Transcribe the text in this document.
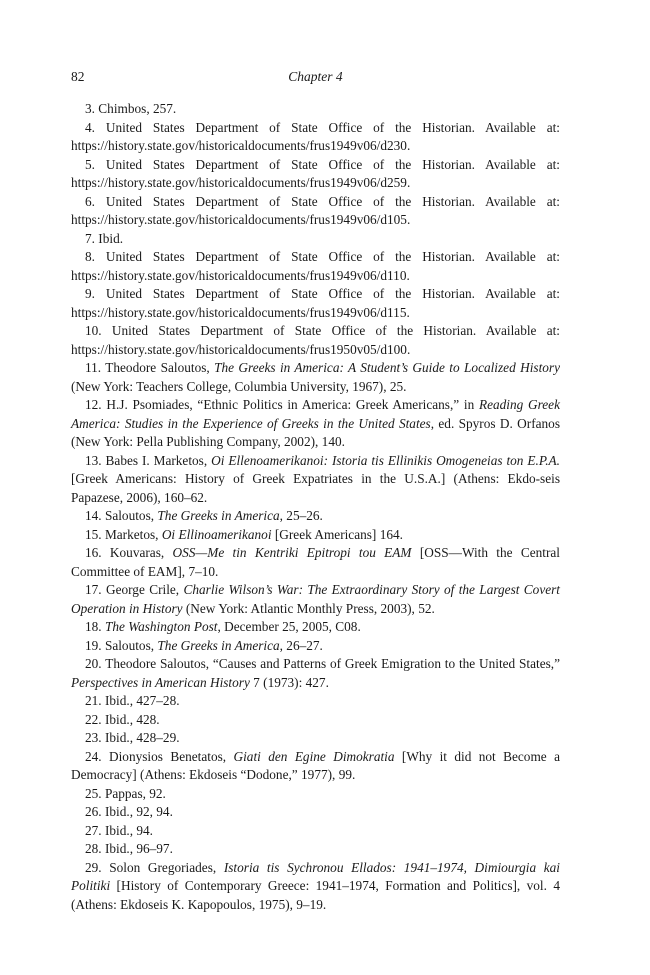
82	Chapter 4

3. Chimbos, 257.

4. United States Department of State Office of the Historian. Available at: https://history.state.gov/historicaldocuments/frus1949v06/d230.

5. United States Department of State Office of the Historian. Available at: https://history.state.gov/historicaldocuments/frus1949v06/d259.

6. United States Department of State Office of the Historian. Available at: https://history.state.gov/historicaldocuments/frus1949v06/d105.

7. Ibid.

8. United States Department of State Office of the Historian. Available at: https://history.state.gov/historicaldocuments/frus1949v06/d110.

9. United States Department of State Office of the Historian. Available at: https://history.state.gov/historicaldocuments/frus1949v06/d115.

10. United States Department of State Office of the Historian. Available at: https://history.state.gov/historicaldocuments/frus1950v05/d100.

11. Theodore Saloutos, The Greeks in America: A Student’s Guide to Localized History (New York: Teachers College, Columbia University, 1967), 25.

12. H.J. Psomiades, “Ethnic Politics in America: Greek Americans,” in Reading Greek America: Studies in the Experience of Greeks in the United States, ed. Spyros D. Orfanos (New York: Pella Publishing Company, 2002), 140.

13. Babes I. Marketos, Oi Ellenoamerikanoi: Istoria tis Ellinikis Omogeneias ton E.P.A. [Greek Americans: History of Greek Expatriates in the U.S.A.] (Athens: Ekdo-seis Papazese, 2006), 160–62.

14. Saloutos, The Greeks in America, 25–26.

15. Marketos, Oi Ellinoamerikanoi [Greek Americans] 164.

16. Kouvaras, OSS—Me tin Kentriki Epitropi tou EAM [OSS—With the Central Committee of EAM], 7–10.

17. George Crile, Charlie Wilson’s War: The Extraordinary Story of the Largest Covert Operation in History (New York: Atlantic Monthly Press, 2003), 52.

18. The Washington Post, December 25, 2005, C08.

19. Saloutos, The Greeks in America, 26–27.

20. Theodore Saloutos, “Causes and Patterns of Greek Emigration to the United States,” Perspectives in American History 7 (1973): 427.

21. Ibid., 427–28.

22. Ibid., 428.

23. Ibid., 428–29.

24. Dionysios Benetatos, Giati den Egine Dimokratia [Why it did not Become a Democracy] (Athens: Ekdoseis “Dodone,” 1977), 99.

25. Pappas, 92.

26. Ibid., 92, 94.

27. Ibid., 94.

28. Ibid., 96–97.

29. Solon Gregoriades, Istoria tis Sychronou Ellados: 1941–1974, Dimiourgia kai Politiki [History of Contemporary Greece: 1941–1974, Formation and Politics], vol. 4 (Athens: Ekdoseis K. Kapopoulos, 1975), 9–19.
